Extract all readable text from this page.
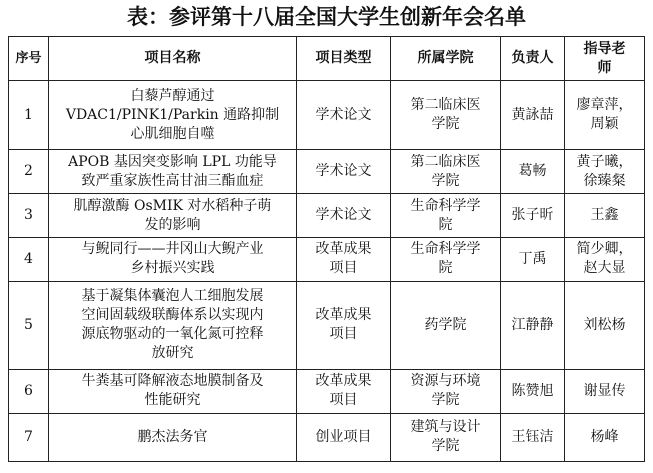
表：参评第十八届全国大学生创新年会名单
序号	项目名称	项目类型	所属学院	负责人	指导老师
1	白藜芦醇通过
VDAC1/PINK1/Parkin 通路抑制
心肌细胞自噬	学术论文	第二临床医
学院	黄詠喆	廖章萍，
周颖
2	APOB 基因突变影响 LPL 功能导
致严重家族性高甘油三酯血症	学术论文	第二临床医
学院	葛畅	黄子曦，
徐臻粲
3	肌醇激酶 OsMIK 对水稻种子萌
发的影响	学术论文	生命科学学
院	张子昕	王鑫
4	与鲵同行——井冈山大鲵产业
乡村振兴实践	改革成果
项目	生命科学学
院	丁禹	简少卿，
赵大显
5	基于凝集体囊泡人工细胞发展
空间固载级联酶体系以实现内
源底物驱动的一氧化氮可控释
放研究	改革成果
项目	药学院	江静静	刘松杨
6	牛粪基可降解液态地膜制备及
性能研究	改革成果
项目	资源与环境
学院	陈赞旭	谢显传
7	鹏杰法务官	创业项目	建筑与设计
学院	王钰洁	杨峰
